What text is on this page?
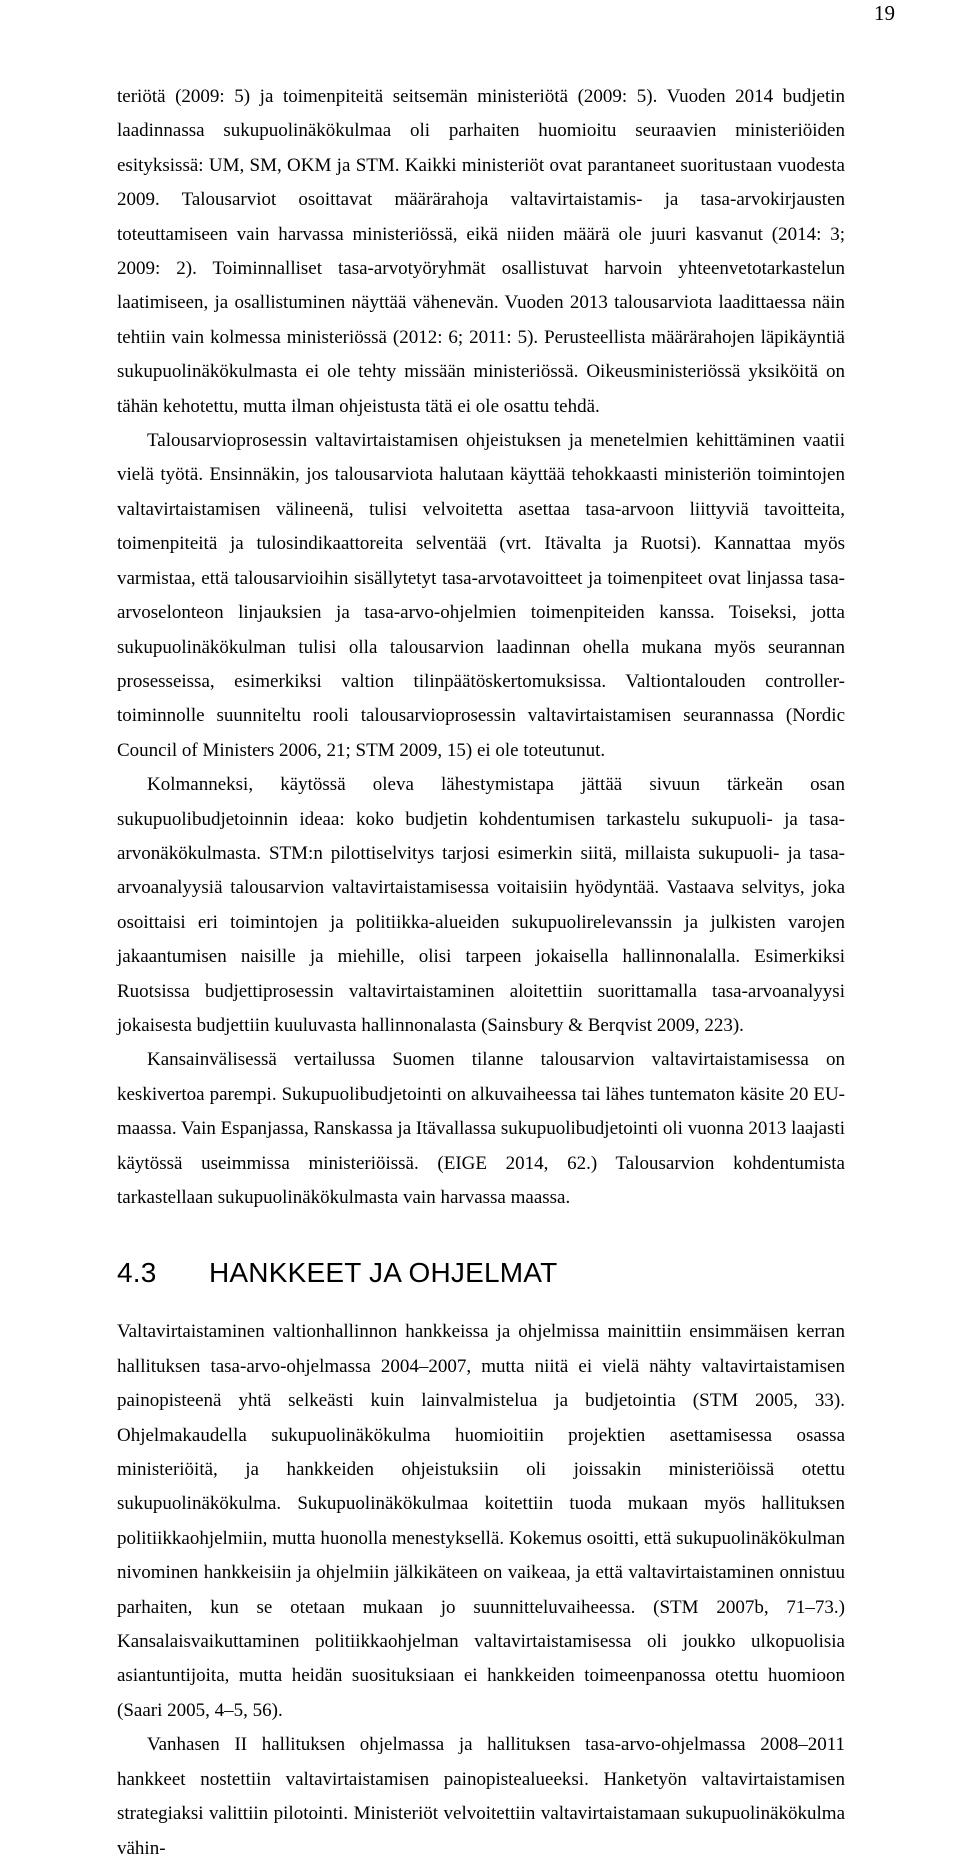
19

teriötä (2009: 5) ja toimenpiteitä seitsemän ministeriötä (2009: 5). Vuoden 2014 budjetin laadinnassa sukupuolinäkökulmaa oli parhaiten huomioitu seuraavien ministeriöiden esityksissä: UM, SM, OKM ja STM. Kaikki ministeriöt ovat parantaneet suoritustaan vuodesta 2009. Talousarviot osoittavat määrärahoja valtavirtaistamis- ja tasa-arvokirjausten toteuttamiseen vain harvassa ministeriössä, eikä niiden määrä ole juuri kasvanut (2014: 3; 2009: 2). Toiminnalliset tasa-arvotyöryhmät osallistuvat harvoin yhteenvetotarkastelun laatimiseen, ja osallistuminen näyttää vähenevän. Vuoden 2013 talousarviota laadittaessa näin tehtiin vain kolmessa ministeriössä (2012: 6; 2011: 5). Perusteellista määrärahojen läpikäyntiä sukupuolinäkökulmasta ei ole tehty missään ministeriössä. Oikeusministeriössä yksiköitä on tähän kehotettu, mutta ilman ohjeistusta tätä ei ole osattu tehdä.

Talousarvioprosessin valtavirtaistamisen ohjeistuksen ja menetelmien kehittäminen vaatii vielä työtä. Ensinnäkin, jos talousarviota halutaan käyttää tehokkaasti ministeriön toimintojen valtavirtaistamisen välineenä, tulisi velvoitetta asettaa tasa-arvoon liittyviä tavoitteita, toimenpiteitä ja tulosindikaattoreita selventää (vrt. Itävalta ja Ruotsi). Kannattaa myös varmistaa, että talousarvioihin sisällytetyt tasa-arvotavoitteet ja toimenpiteet ovat linjassa tasa-arvoselonteon linjauksien ja tasa-arvo-ohjelmien toimenpiteiden kanssa. Toiseksi, jotta sukupuolinäkökulman tulisi olla talousarvion laadinnan ohella mukana myös seurannan prosesseissa, esimerkiksi valtion tilinpäätöskertomuksissa. Valtiontalouden controller-toiminnolle suunniteltu rooli talousarvioprosessin valtavirtaistamisen seurannassa (Nordic Council of Ministers 2006, 21; STM 2009, 15) ei ole toteutunut.

Kolmanneksi, käytössä oleva lähestymistapa jättää sivuun tärkeän osan sukupuolibudjetoinnin ideaa: koko budjetin kohdentumisen tarkastelu sukupuoli- ja tasa-arvonäkökulmasta. STM:n pilottiselvitys tarjosi esimerkin siitä, millaista sukupuoli- ja tasa-arvoanalyysiä talousarvion valtavirtaistamisessa voitaisiin hyödyntää. Vastaava selvitys, joka osoittaisi eri toimintojen ja politiikka-alueiden sukupuolirelevanssin ja julkisten varojen jakaantumisen naisille ja miehille, olisi tarpeen jokaisella hallinnonalalla. Esimerkiksi Ruotsissa budjettiprosessin valtavirtaistaminen aloitettiin suorittamalla tasa-arvoanalyysi jokaisesta budjettiin kuuluvasta hallinnonalasta (Sainsbury & Berqvist 2009, 223).

Kansainvälisessä vertailussa Suomen tilanne talousarvion valtavirtaistamisessa on keskivertoa parempi. Sukupuolibudjetointi on alkuvaiheessa tai lähes tuntematon käsite 20 EU-maassa. Vain Espanjassa, Ranskassa ja Itävallassa sukupuolibudjetointi oli vuonna 2013 laajasti käytössä useimmissa ministeriöissä. (EIGE 2014, 62.) Talousarvion kohdentumista tarkastellaan sukupuolinäkökulmasta vain harvassa maassa.

4.3 HANKKEET JA OHJELMAT

Valtavirtaistaminen valtionhallinnon hankkeissa ja ohjelmissa mainittiin ensimmäisen kerran hallituksen tasa-arvo-ohjelmassa 2004–2007, mutta niitä ei vielä nähty valtavirtaistamisen painopisteenä yhtä selkeästi kuin lainvalmistelua ja budjetointia (STM 2005, 33). Ohjelmakaudella sukupuolinäkökulma huomioitiin projektien asettamisessa osassa ministeriöitä, ja hankkeiden ohjeistuksiin oli joissakin ministeriöissä otettu sukupuolinäkökulma. Sukupuolinäkökulmaa koitettiin tuoda mukaan myös hallituksen politiikkaohjelmiin, mutta huonolla menestyksellä. Kokemus osoitti, että sukupuolinäkökulman nivominen hankkeisiin ja ohjelmiin jälkikäteen on vaikeaa, ja että valtavirtaistaminen onnistuu parhaiten, kun se otetaan mukaan jo suunnitteluvaiheessa. (STM 2007b, 71–73.) Kansalaisvaikuttaminen politiikkaohjelman valtavirtaistamisessa oli joukko ulkopuolisia asiantuntijoita, mutta heidän suosituksiaan ei hankkeiden toimeenpanossa otettu huomioon (Saari 2005, 4–5, 56).

Vanhasen II hallituksen ohjelmassa ja hallituksen tasa-arvo-ohjelmassa 2008–2011 hankkeet nostettiin valtavirtaistamisen painopistealueeksi. Hanketyön valtavirtaistamisen strategiaksi valittiin pilotointi. Ministeriöt velvoitettiin valtavirtaistamaan sukupuolinäkökulma vähin-
